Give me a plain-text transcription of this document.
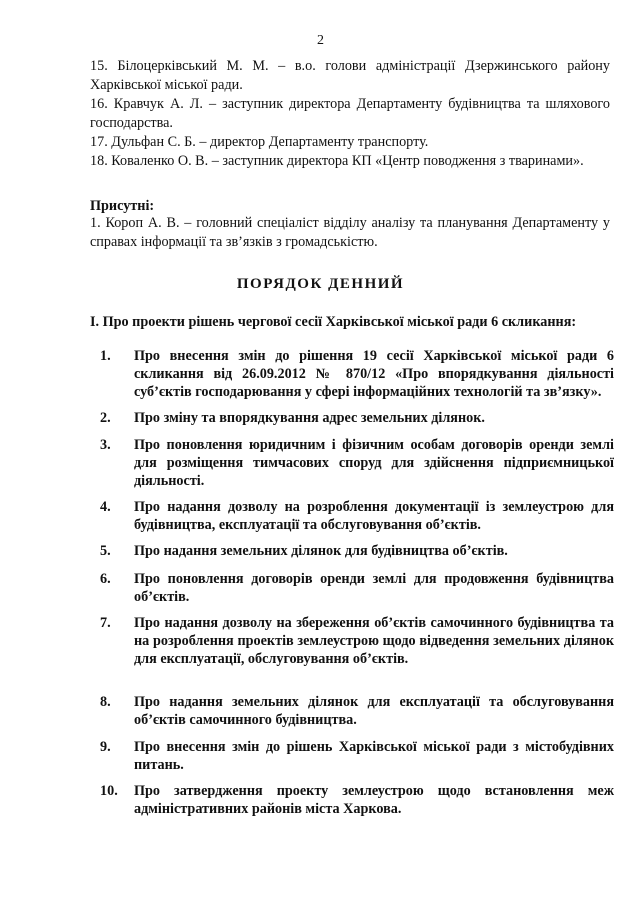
2

15. Білоцерківський М. М. – в.о. голови адміністрації Дзержинського району Харківської міської ради.

16. Кравчук А. Л. – заступник директора Департаменту будівництва та шляхового господарства.

17. Дульфан С. Б. – директор Департаменту транспорту.

18. Коваленко О. В. – заступник директора КП «Центр поводження з тваринами».

Присутні:

1. Короп А. В. – головний спеціаліст відділу аналізу та планування Департаменту у справах інформації та зв’язків з громадськістю.

ПОРЯДОК ДЕННИЙ
I. Про проекти рішень чергової сесії Харківської міської ради 6 скликання:
1.	Про внесення змін до рішення 19 сесії Харківської міської ради 6 скликання від 26.09.2012 № 870/12 «Про впорядкування діяльності суб’єктів господарювання у сфері інформаційних технологій та зв’язку».
2.	Про зміну та впорядкування адрес земельних ділянок.
3.	Про поновлення юридичним і фізичним особам договорів оренди землі для розміщення тимчасових споруд для здійснення підприємницької діяльності.
4.	Про надання дозволу на розроблення документації із землеустрою для будівництва, експлуатації та обслуговування об’єктів.
5.	Про надання земельних ділянок для будівництва об’єктів.
6.	Про поновлення договорів оренди землі для продовження будівництва об’єктів.
7.	Про надання дозволу на збереження об’єктів самочинного будівництва та на розроблення проектів землеустрою щодо відведення земельних ділянок для експлуатації, обслуговування об’єктів.
8.	Про надання земельних ділянок для експлуатації та обслуговування об’єктів самочинного будівництва.
9.	Про внесення змін до рішень Харківської міської ради з містобудівних питань.
10.	Про затвердження проекту землеустрою щодо встановлення меж адміністративних районів міста Харкова.
